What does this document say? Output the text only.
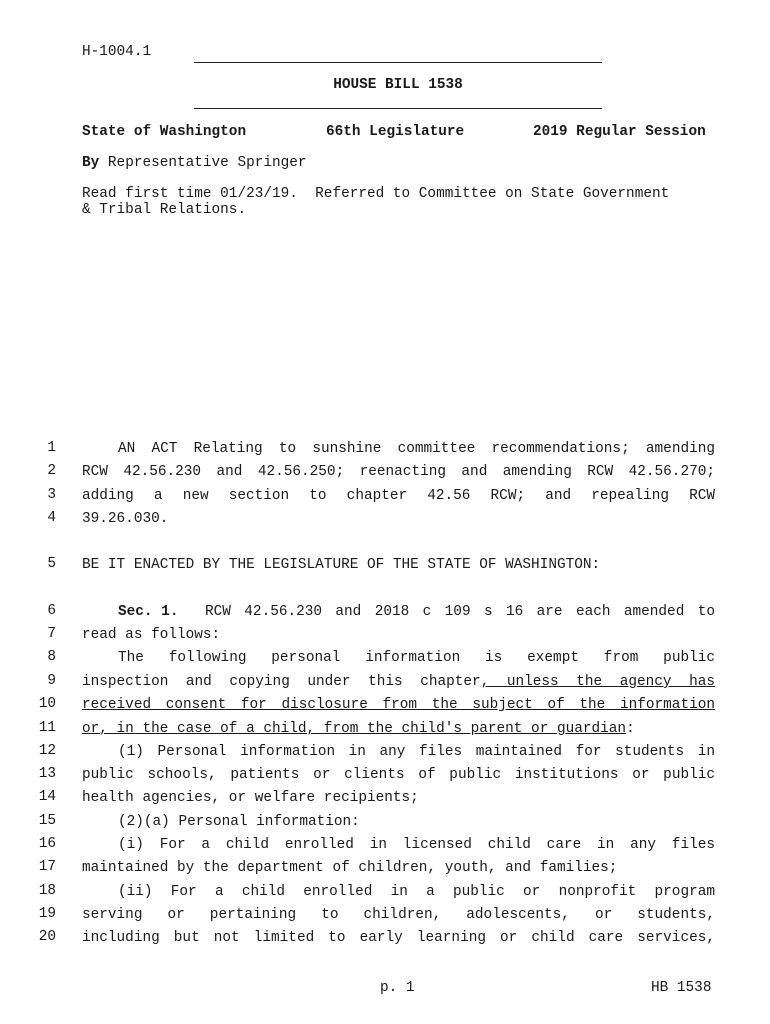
H-1004.1
HOUSE BILL 1538
State of Washington	66th Legislature	2019 Regular Session
By Representative Springer
Read first time 01/23/19.  Referred to Committee on State Government
& Tribal Relations.
1	AN ACT Relating to sunshine committee recommendations; amending
2 RCW 42.56.230 and 42.56.250; reenacting and amending RCW 42.56.270;
3 adding a new section to chapter 42.56 RCW; and repealing RCW
4 39.26.030.
5 BE IT ENACTED BY THE LEGISLATURE OF THE STATE OF WASHINGTON:
6	Sec. 1. RCW 42.56.230 and 2018 c 109 s 16 are each amended to
7 read as follows:
8	The following personal information is exempt from public
9 inspection and copying under this chapter, unless the agency has
10 received consent for disclosure from the subject of the information
11 or, in the case of a child, from the child's parent or guardian:
12	(1) Personal information in any files maintained for students in
13 public schools, patients or clients of public institutions or public
14 health agencies, or welfare recipients;
15	(2)(a) Personal information:
16	(i) For a child enrolled in licensed child care in any files
17 maintained by the department of children, youth, and families;
18	(ii) For a child enrolled in a public or nonprofit program
19 serving or pertaining to children, adolescents, or students,
20 including but not limited to early learning or child care services,
p. 1	HB 1538
